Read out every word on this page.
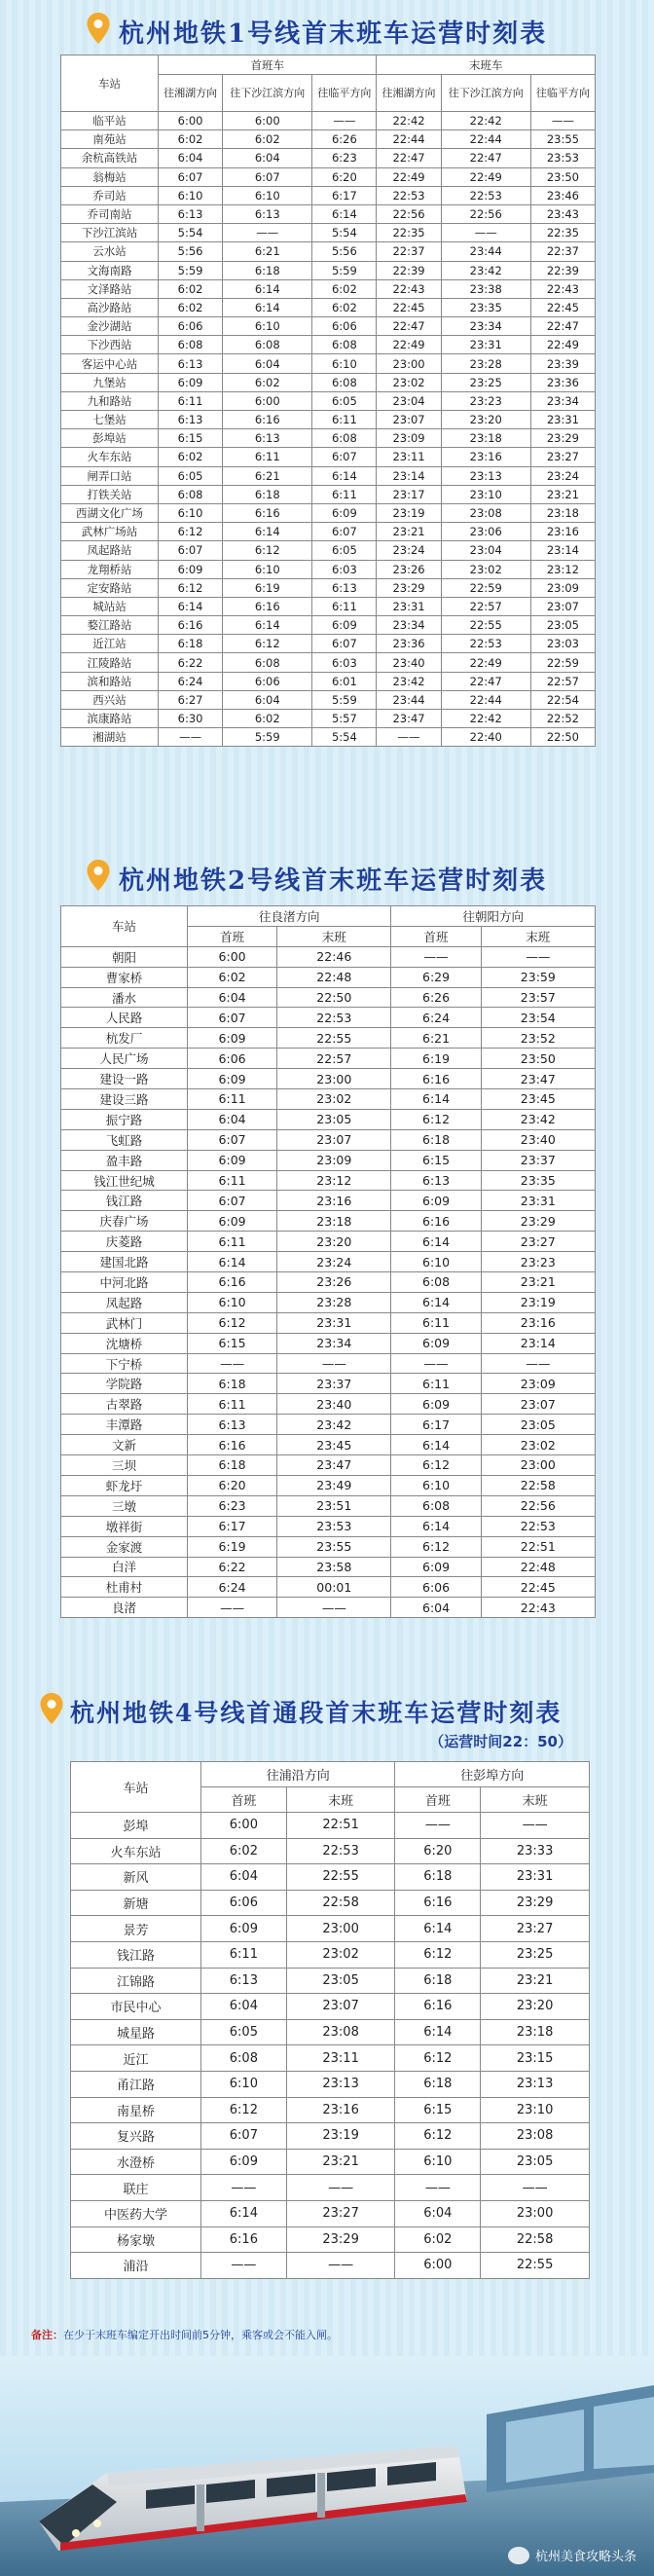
杭州地铁1号线首末班车运营时刻表
车站	首班车			末班车		
	往湘湖方向	往下沙江滨方向	往临平方向	往湘湖方向	往下沙江滨方向	往临平方向
临平站	6:00	6:00	——	22:42	22:42	——
南苑站	6:02	6:02	6:26	22:44	22:44	23:55
余杭高铁站	6:04	6:04	6:23	22:47	22:47	23:53
翁梅站	6:07	6:07	6:20	22:49	22:49	23:50
乔司站	6:10	6:10	6:17	22:53	22:53	23:46
乔司南站	6:13	6:13	6:14	22:56	22:56	23:43
下沙江滨站	5:54	——	5:54	22:35	——	22:35
云水站	5:56	6:21	5:56	22:37	23:44	22:37
文海南路	5:59	6:18	5:59	22:39	23:42	22:39
文泽路站	6:02	6:14	6:02	22:43	23:38	22:43
高沙路站	6:02	6:14	6:02	22:45	23:35	22:45
金沙湖站	6:06	6:10	6:06	22:47	23:34	22:47
下沙西站	6:08	6:08	6:08	22:49	23:31	22:49
客运中心站	6:13	6:04	6:10	23:00	23:28	23:39
九堡站	6:09	6:02	6:08	23:02	23:25	23:36
九和路站	6:11	6:00	6:05	23:04	23:23	23:34
七堡站	6:13	6:16	6:11	23:07	23:20	23:31
彭埠站	6:15	6:13	6:08	23:09	23:18	23:29
火车东站	6:02	6:11	6:07	23:11	23:16	23:27
闸弄口站	6:05	6:21	6:14	23:14	23:13	23:24
打铁关站	6:08	6:18	6:11	23:17	23:10	23:21
西湖文化广场	6:10	6:16	6:09	23:19	23:08	23:18
武林广场站	6:12	6:14	6:07	23:21	23:06	23:16
凤起路站	6:07	6:12	6:05	23:24	23:04	23:14
龙翔桥站	6:09	6:10	6:03	23:26	23:02	23:12
定安路站	6:12	6:19	6:13	23:29	22:59	23:09
城站站	6:14	6:16	6:11	23:31	22:57	23:07
婺江路站	6:16	6:14	6:09	23:34	22:55	23:05
近江站	6:18	6:12	6:07	23:36	22:53	23:03
江陵路站	6:22	6:08	6:03	23:40	22:49	22:59
滨和路站	6:24	6:06	6:01	23:42	22:47	22:57
西兴站	6:27	6:04	5:59	23:44	22:44	22:54
滨康路站	6:30	6:02	5:57	23:47	22:42	22:52
湘湖站	——	5:59	5:54	——	22:40	22:50
杭州地铁2号线首末班车运营时刻表
车站	往良渚方向		往朝阳方向	
	首班	末班	首班	末班
朝阳	6:00	22:46	——	——
曹家桥	6:02	22:48	6:29	23:59
潘水	6:04	22:50	6:26	23:57
人民路	6:07	22:53	6:24	23:54
杭发厂	6:09	22:55	6:21	23:52
人民广场	6:06	22:57	6:19	23:50
建设一路	6:09	23:00	6:16	23:47
建设三路	6:11	23:02	6:14	23:45
振宁路	6:04	23:05	6:12	23:42
飞虹路	6:07	23:07	6:18	23:40
盈丰路	6:09	23:09	6:15	23:37
钱江世纪城	6:11	23:12	6:13	23:35
钱江路	6:07	23:16	6:09	23:31
庆春广场	6:09	23:18	6:16	23:29
庆菱路	6:11	23:20	6:14	23:27
建国北路	6:14	23:24	6:10	23:23
中河北路	6:16	23:26	6:08	23:21
凤起路	6:10	23:28	6:14	23:19
武林门	6:12	23:31	6:11	23:16
沈塘桥	6:15	23:34	6:09	23:14
下宁桥	——	——	——	——
学院路	6:18	23:37	6:11	23:09
古翠路	6:11	23:40	6:09	23:07
丰潭路	6:13	23:42	6:17	23:05
文新	6:16	23:45	6:14	23:02
三坝	6:18	23:47	6:12	23:00
虾龙圩	6:20	23:49	6:10	22:58
三墩	6:23	23:51	6:08	22:56
墩祥街	6:17	23:53	6:14	22:53
金家渡	6:19	23:55	6:12	22:51
白洋	6:22	23:58	6:09	22:48
杜甫村	6:24	00:01	6:06	22:45
良渚	——	——	6:04	22:43
杭州地铁4号线首通段首末班车运营时刻表
（运营时间22：50）
车站	往浦沿方向		往彭埠方向	
	首班	末班	首班	末班
彭埠	6:00	22:51	——	——
火车东站	6:02	22:53	6:20	23:33
新风	6:04	22:55	6:18	23:31
新塘	6:06	22:58	6:16	23:29
景芳	6:09	23:00	6:14	23:27
钱江路	6:11	23:02	6:12	23:25
江锦路	6:13	23:05	6:18	23:21
市民中心	6:04	23:07	6:16	23:20
城星路	6:05	23:08	6:14	23:18
近江	6:08	23:11	6:12	23:15
甬江路	6:10	23:13	6:18	23:13
南星桥	6:12	23:16	6:15	23:10
复兴路	6:07	23:19	6:12	23:08
水澄桥	6:09	23:21	6:10	23:05
联庄	——	——	——	——
中医药大学	6:14	23:27	6:04	23:00
杨家墩	6:16	23:29	6:02	22:58
浦沿	——	——	6:00	22:55
备注：在少于末班车编定开出时间前5分钟，乘客或会不能入闸。
杭州美食攻略头条
